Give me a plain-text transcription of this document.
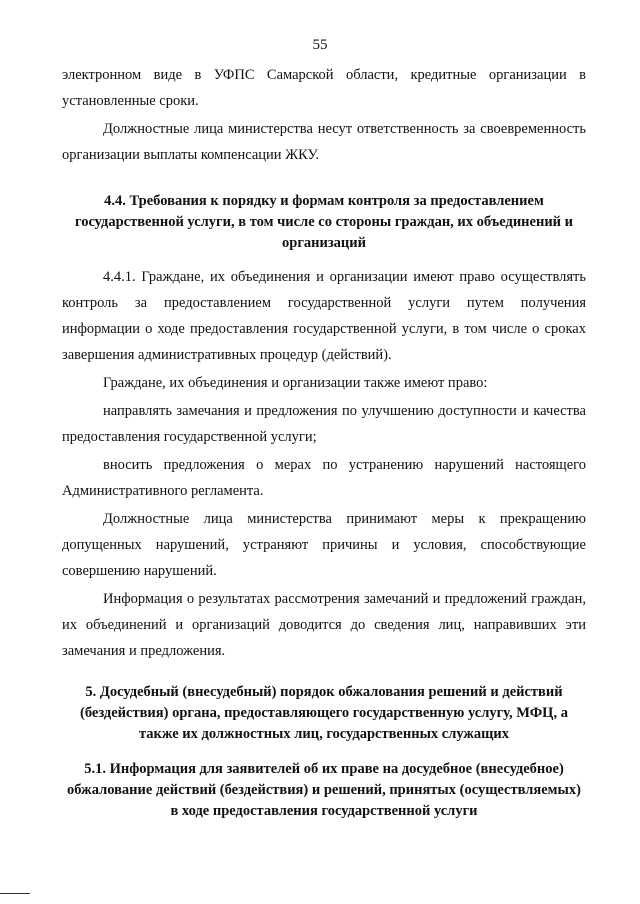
55

электронном виде в УФПС Самарской области, кредитные организации в установленные сроки.

Должностные лица министерства несут ответственность за своевременность организации выплаты компенсации ЖКУ.

4.4. Требования к порядку и формам контроля за предоставлением государственной услуги, в том числе со стороны граждан, их объединений и организаций

4.4.1. Граждане, их объединения и организации имеют право осуществлять контроль за предоставлением государственной услуги путем получения информации о ходе предоставления государственной услуги, в том числе о сроках завершения административных процедур (действий).

Граждане, их объединения и организации также имеют право:

направлять замечания и предложения по улучшению доступности и качества предоставления государственной услуги;

вносить предложения о мерах по устранению нарушений настоящего Административного регламента.

Должностные лица министерства принимают меры к прекращению допущенных нарушений, устраняют причины и условия, способствующие совершению нарушений.

Информация о результатах рассмотрения замечаний и предложений граждан, их объединений и организаций доводится до сведения лиц, направивших эти замечания и предложения.

5. Досудебный (внесудебный) порядок обжалования решений и действий (бездействия) органа, предоставляющего государственную услугу, МФЦ, а также их должностных лиц, государственных служащих

5.1. Информация для заявителей об их праве на досудебное (внесудебное) обжалование действий (бездействия) и решений, принятых (осуществляемых) в ходе предоставления государственной услуги
